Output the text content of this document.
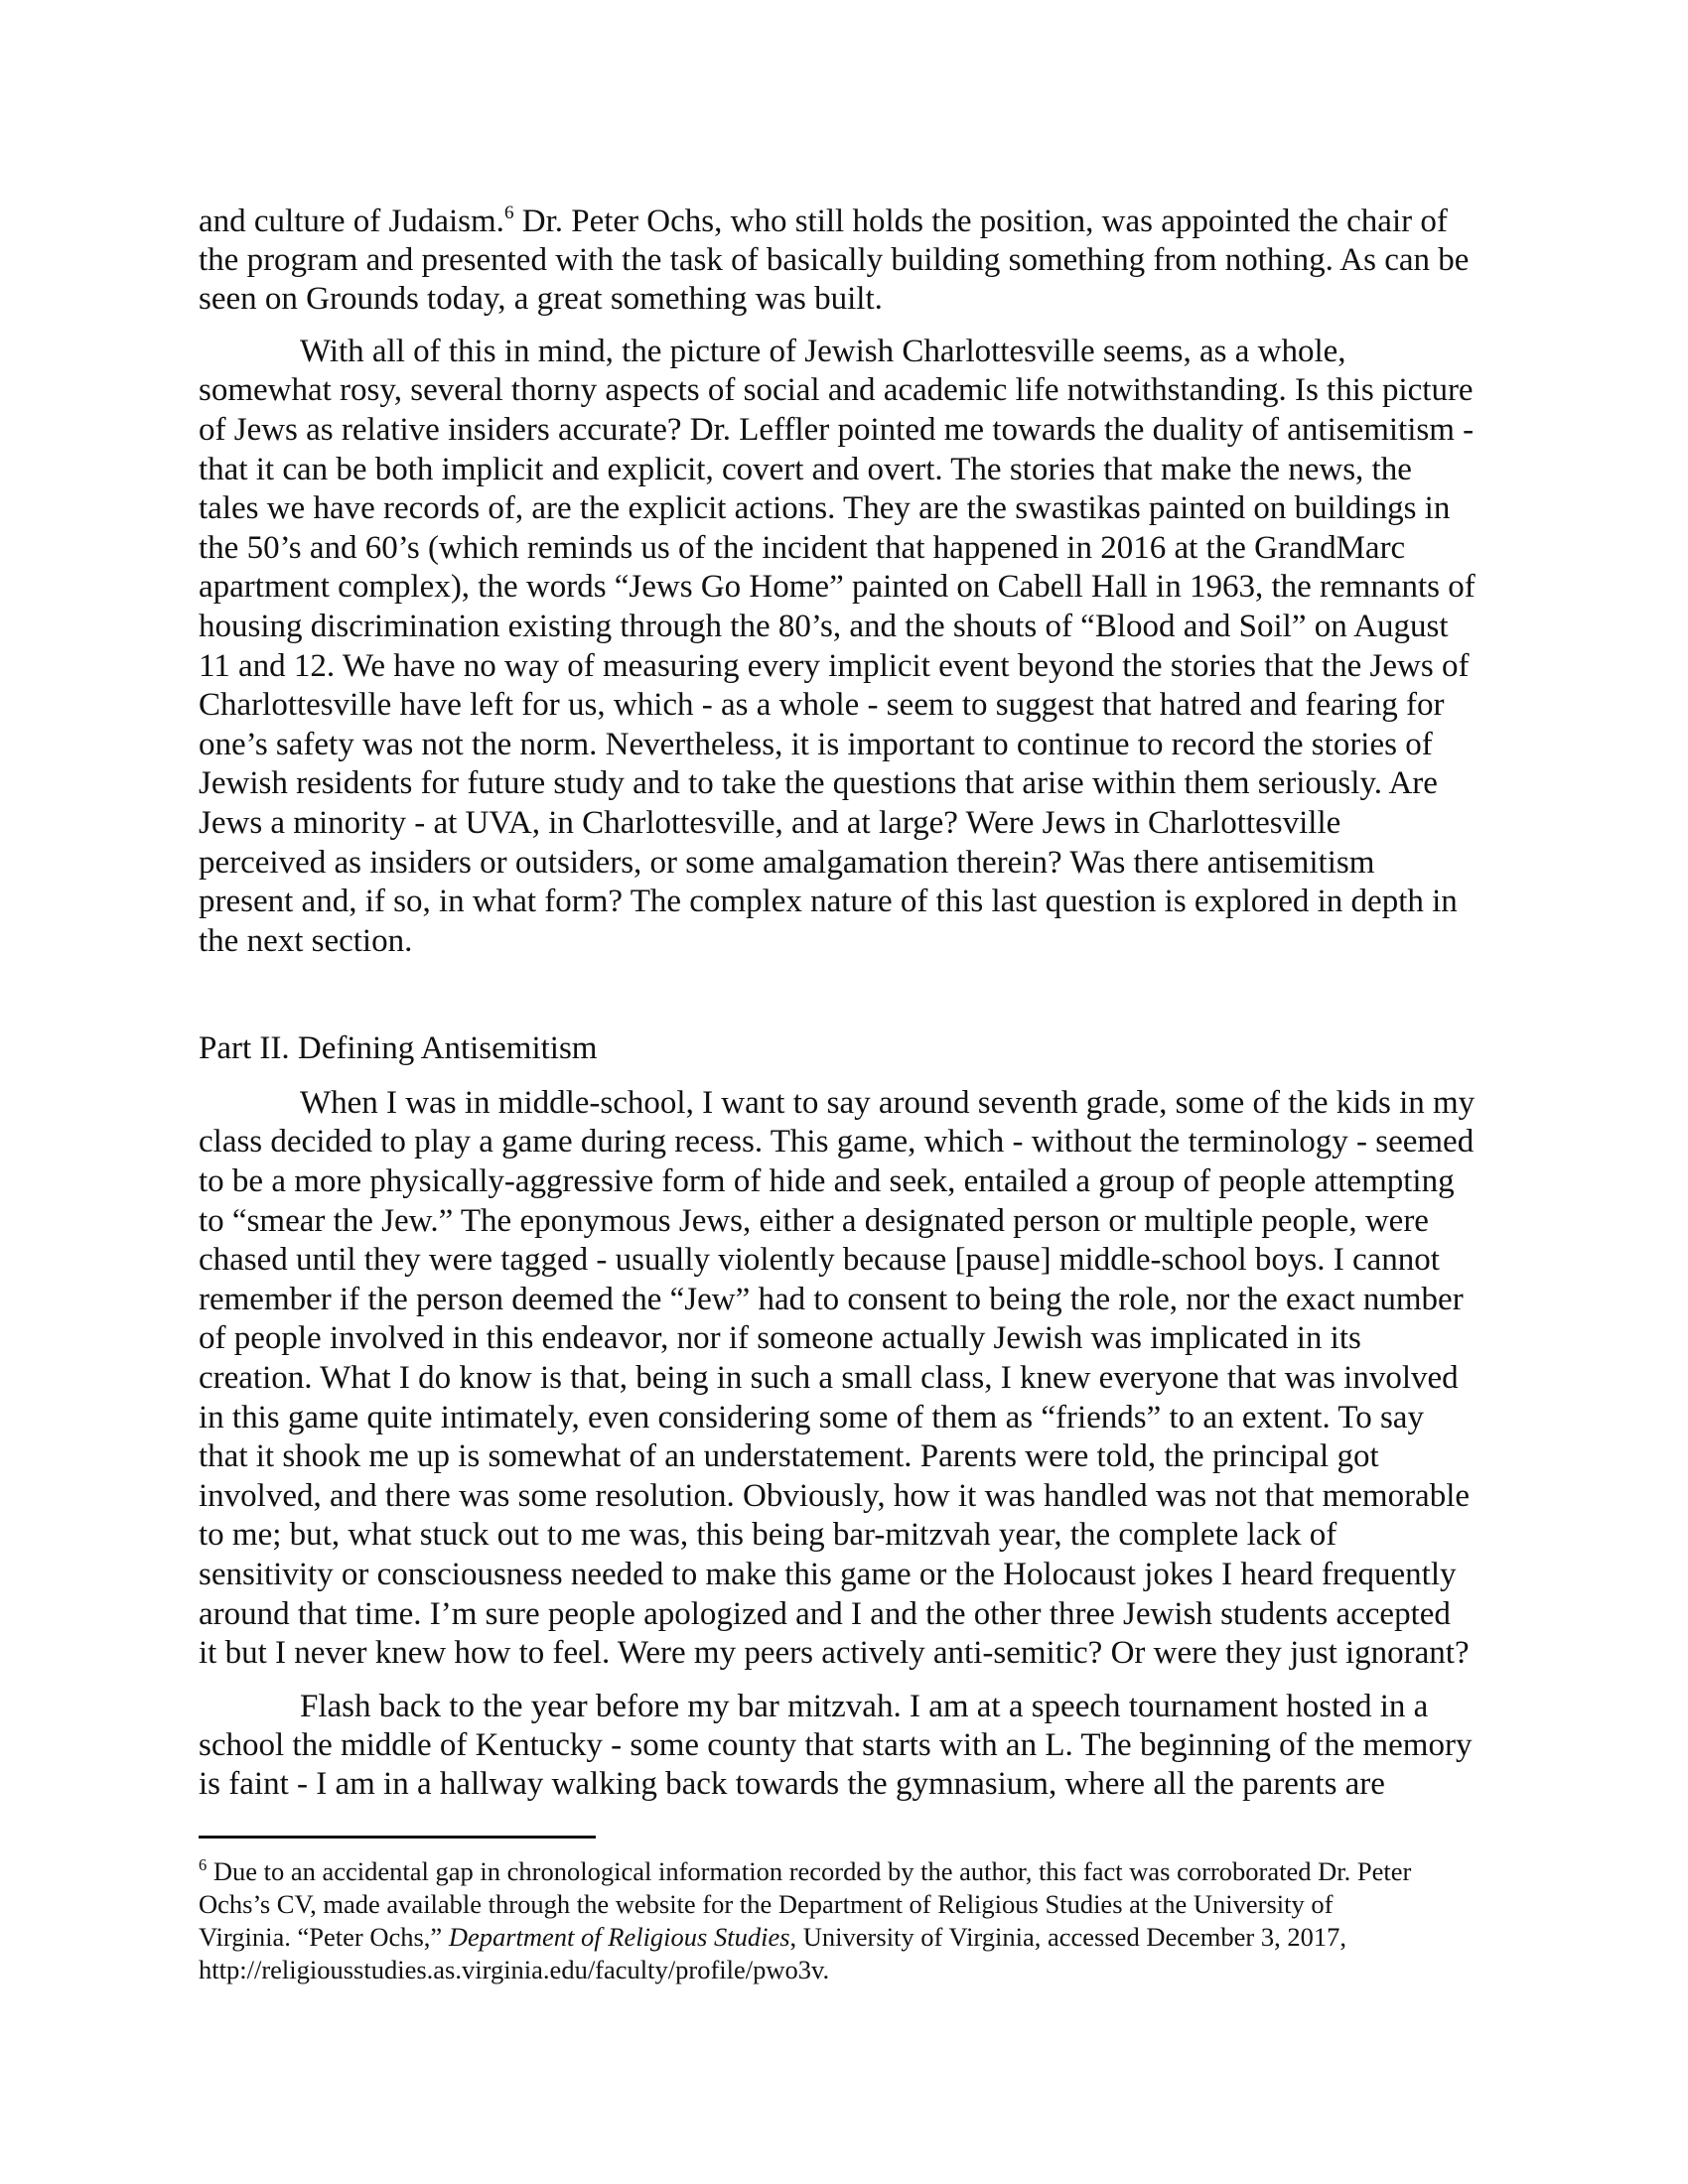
and culture of Judaism.$^6$ Dr. Peter Ochs, who still holds the position, was appointed the chair of
the program and presented with the task of basically building something from nothing. As can be
seen on Grounds today, a great something was built.
With all of this in mind, the picture of Jewish Charlottesville seems, as a whole,
somewhat rosy, several thorny aspects of social and academic life notwithstanding. Is this picture
of Jews as relative insiders accurate? Dr. Leffler pointed me towards the duality of antisemitism -
that it can be both implicit and explicit, covert and overt. The stories that make the news, the
tales we have records of, are the explicit actions. They are the swastikas painted on buildings in
the 50’s and 60’s (which reminds us of the incident that happened in 2016 at the GrandMarc
apartment complex), the words “Jews Go Home” painted on Cabell Hall in 1963, the remnants of
housing discrimination existing through the 80’s, and the shouts of “Blood and Soil” on August
11 and 12. We have no way of measuring every implicit event beyond the stories that the Jews of
Charlottesville have left for us, which - as a whole - seem to suggest that hatred and fearing for
one’s safety was not the norm. Nevertheless, it is important to continue to record the stories of
Jewish residents for future study and to take the questions that arise within them seriously. Are
Jews a minority - at UVA, in Charlottesville, and at large? Were Jews in Charlottesville
perceived as insiders or outsiders, or some amalgamation therein? Was there antisemitism
present and, if so, in what form? The complex nature of this last question is explored in depth in
the next section.
Part II. Defining Antisemitism
When I was in middle-school, I want to say around seventh grade, some of the kids in my
class decided to play a game during recess. This game, which - without the terminology - seemed
to be a more physically-aggressive form of hide and seek, entailed a group of people attempting
to “smear the Jew.” The eponymous Jews, either a designated person or multiple people, were
chased until they were tagged - usually violently because [pause] middle-school boys. I cannot
remember if the person deemed the “Jew” had to consent to being the role, nor the exact number
of people involved in this endeavor, nor if someone actually Jewish was implicated in its
creation. What I do know is that, being in such a small class, I knew everyone that was involved
in this game quite intimately, even considering some of them as “friends” to an extent. To say
that it shook me up is somewhat of an understatement. Parents were told, the principal got
involved, and there was some resolution. Obviously, how it was handled was not that memorable
to me; but, what stuck out to me was, this being bar-mitzvah year, the complete lack of
sensitivity or consciousness needed to make this game or the Holocaust jokes I heard frequently
around that time. I’m sure people apologized and I and the other three Jewish students accepted
it but I never knew how to feel. Were my peers actively anti-semitic? Or were they just ignorant?
Flash back to the year before my bar mitzvah. I am at a speech tournament hosted in a
school the middle of Kentucky - some county that starts with an L. The beginning of the memory
is faint - I am in a hallway walking back towards the gymnasium, where all the parents are
$^6$ Due to an accidental gap in chronological information recorded by the author, this fact was corroborated Dr. Peter
Ochs’s CV, made available through the website for the Department of Religious Studies at the University of
Virginia. “Peter Ochs,” Department of Religious Studies, University of Virginia, accessed December 3, 2017,
http://religiousstudies.as.virginia.edu/faculty/profile/pwo3v.
